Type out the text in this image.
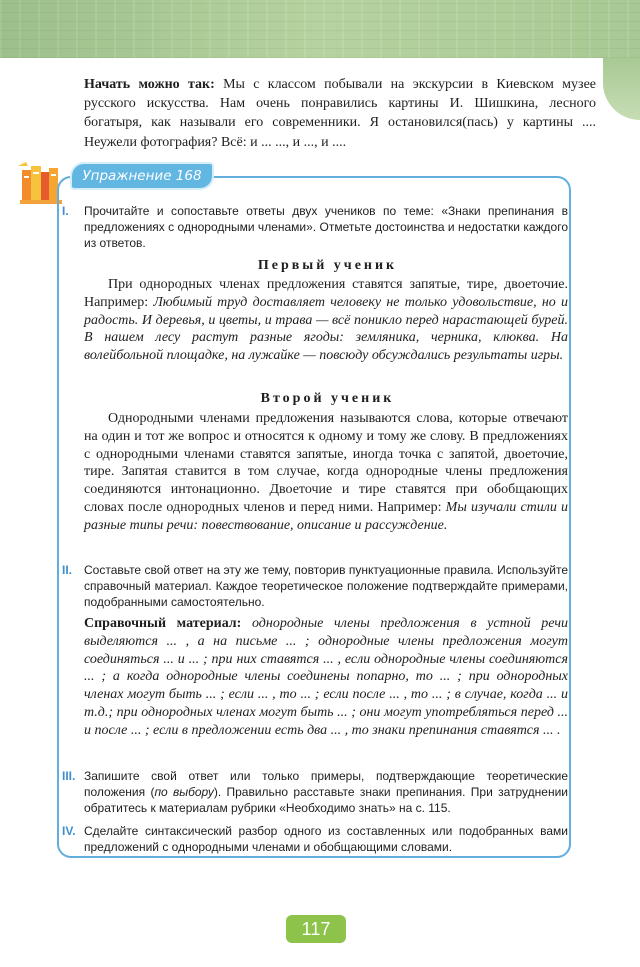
Начать можно так: Мы с классом побывали на экскурсии в Киевском музее русского искусства. Нам очень понравились картины И. Шишкина, лесного богатыря, как называли его современники. Я остановился(пась) у картины .... Неужели фотография? Всё: и ... ..., и ..., и ....
Упражнение 168
I. Прочитайте и сопоставьте ответы двух учеников по теме: «Знаки препинания в предложениях с однородными членами». Отметьте достоинства и недостатки каждого из ответов.
Первый ученик

При однородных членах предложения ставятся запятые, тире, двоеточие. Например: Любимый труд доставляет человеку не только удовольствие, но и радость. И деревья, и цветы, и трава — всё поникло перед нарастающей бурей. В нашем лесу растут разные ягоды: земляника, черника, клюква. На волейбольной площадке, на лужайке — повсюду обсуждались результаты игры.

Второй ученик

Однородными членами предложения называются слова, которые отвечают на один и тот же вопрос и относятся к одному и тому же слову. В предложениях с однородными членами ставятся запятые, иногда точка с запятой, двоеточие, тире. Запятая ставится в том случае, когда однородные члены предложения соединяются интонационно. Двоеточие и тире ставятся при обобщающих словах после однородных членов и перед ними. Например: Мы изучали стили и разные типы речи: повествование, описание и рассуждение.

II. Составьте свой ответ на эту же тему, повторив пунктуационные правила. Используйте справочный материал. Каждое теоретическое положение подтверждайте примерами, подобранными самостоятельно.
Справочный материал: однородные члены предложения в устной речи выделяются ... , а на письме ... ; однородные члены предложения могут соединяться ... и ... ; при них ставятся ... , если однородные члены соединяются ... ; а когда однородные члены соединены попарно, то ... ; при однородных членах могут быть ... ; если ... , то ... ; если после ... , то ... ; в случае, когда ... и т.д.; при однородных членах могут быть ... ; они могут употребляться перед ... и после ... ; если в предложении есть два ... , то знаки препинания ставятся ... .
III. Запишите свой ответ или только примеры, подтверждающие теоретические положения (по выбору). Правильно расставьте знаки препинания. При затруднении обратитесь к материалам рубрики «Необходимо знать» на с. 115.
IV. Сделайте синтаксический разбор одного из составленных или подобранных вами предложений с однородными членами и обобщающими словами.
117
